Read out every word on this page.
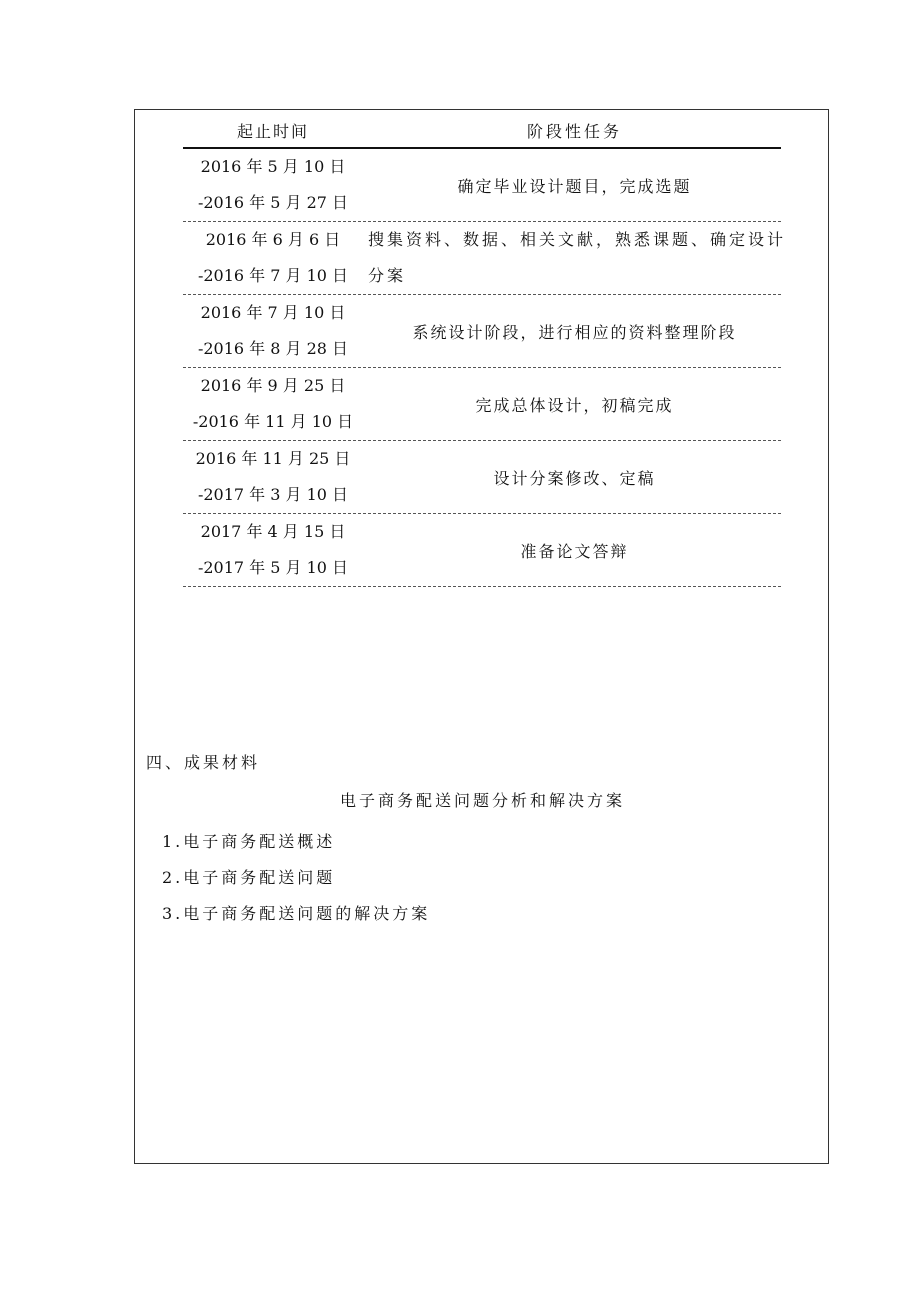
起止时间	阶段性任务
2016 年 5 月 10 日
-2016 年 5 月 27 日
确定毕业设计题目，完成选题
2016 年 6 月 6 日
-2016 年 7 月 10 日
搜集资料、数据、相关文献，熟悉课题、确定设计
分案
2016 年 7 月 10 日
-2016 年 8 月 28 日
系统设计阶段，进行相应的资料整理阶段
2016 年 9 月 25 日
-2016 年 11 月 10 日
完成总体设计，初稿完成
2016 年 11 月 25 日
-2017 年 3 月 10 日
设计分案修改、定稿
2017 年 4 月 15 日
-2017 年 5 月 10 日
准备论文答辩
四、成果材料
电子商务配送问题分析和解决方案
1.电子商务配送概述
2.电子商务配送问题
3.电子商务配送问题的解决方案
